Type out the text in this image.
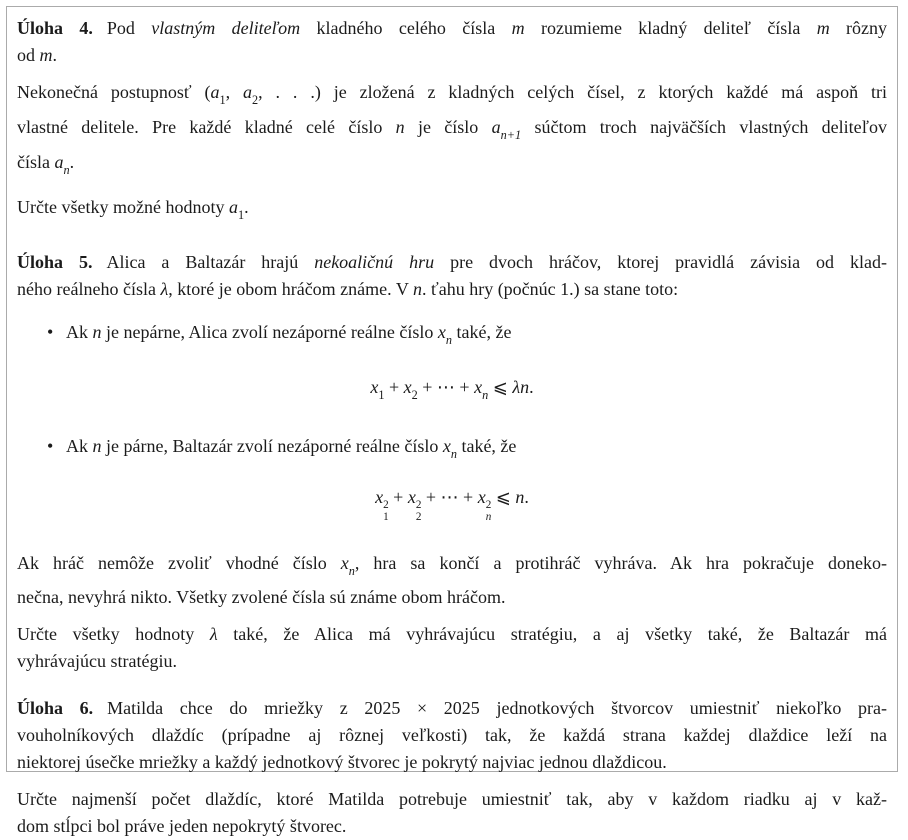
Úloha 4. Pod vlastným deliteľom kladného celého čísla m rozumieme kladný deliteľ čísla m rôzny
od m.
Nekonečná postupnosť ($a_1$, $a_2$, . . .) je zložená z kladných celých čísel, z ktorých každé má aspoň tri
vlastné delitele. Pre každé kladné celé číslo n je číslo $a_{n+1}$ súčtom troch najväčších vlastných deliteľov
čísla $a_n$.
Určte všetky možné hodnoty $a_1$.
Úloha 5. Alica a Baltazár hrajú nekoaličnú hru pre dvoch hráčov, ktorej pravidlá závisia od klad-
ného reálneho čísla λ, ktoré je obom hráčom známe. V n. ťahu hry (počnúc 1.) sa stane toto:
• Ak n je nepárne, Alica zvolí nezáporné reálne číslo $x_n$ také, že
$x_1 + x_2$ + ⋯ + $x_n$ ⩽ λn.
• Ak n je párne, Baltazár zvolí nezáporné reálne číslo $x_n$ také, že
x 2
1
+ x 2
2
+ ⋯ + x 2
n
⩽ n.
Ak hráč nemôže zvoliť vhodné číslo $x_n$, hra sa končí a protihráč vyhráva. Ak hra pokračuje doneko-
nečna, nevyhrá nikto. Všetky zvolené čísla sú známe obom hráčom.
Určte všetky hodnoty λ také, že Alica má vyhrávajúcu stratégiu, a aj všetky také, že Baltazár má
vyhrávajúcu stratégiu.
Úloha 6. Matilda chce do mriežky z 2025 × 2025 jednotkových štvorcov umiestniť niekoľko pra-
vouholníkových dlaždíc (prípadne aj rôznej veľkosti) tak, že každá strana každej dlaždice leží na
niektorej úsečke mriežky a každý jednotkový štvorec je pokrytý najviac jednou dlaždicou.
Určte najmenší počet dlaždíc, ktoré Matilda potrebuje umiestniť tak, aby v každom riadku aj v kaž-
dom stĺpci bol práve jeden nepokrytý štvorec.
